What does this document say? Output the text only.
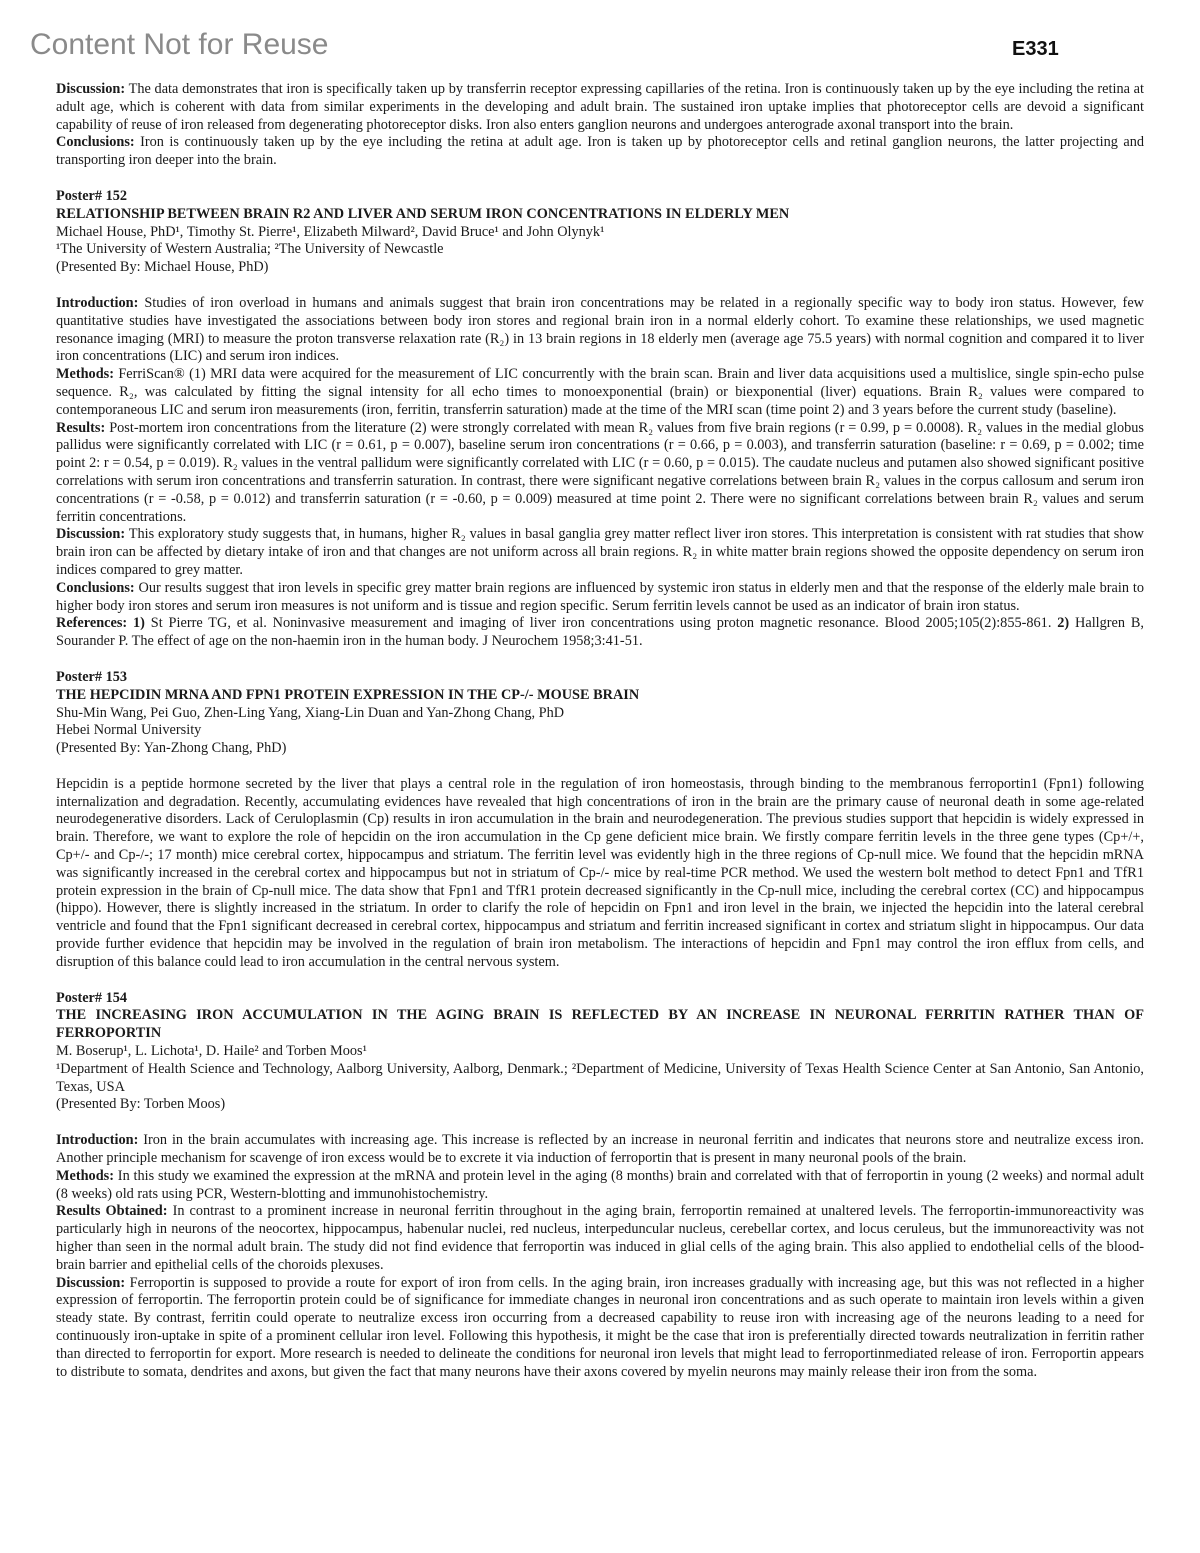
Content Not for Reuse	E331

Discussion: The data demonstrates that iron is specifically taken up by transferrin receptor expressing capillaries of the retina. Iron is continuously taken up by the eye including the retina at adult age, which is coherent with data from similar experiments in the developing and adult brain. The sustained iron uptake implies that photoreceptor cells are devoid a significant capability of reuse of iron released from degenerating photoreceptor disks. Iron also enters ganglion neurons and undergoes anterograde axonal transport into the brain.

Conclusions: Iron is continuously taken up by the eye including the retina at adult age. Iron is taken up by photoreceptor cells and retinal ganglion neurons, the latter projecting and transporting iron deeper into the brain.

Poster# 152

RELATIONSHIP BETWEEN BRAIN R2 AND LIVER AND SERUM IRON CONCENTRATIONS IN ELDERLY MEN

Michael House, PhD¹, Timothy St. Pierre¹, Elizabeth Milward², David Bruce¹ and John Olynyk¹

¹The University of Western Australia; ²The University of Newcastle

(Presented By: Michael House, PhD)

Introduction: Studies of iron overload in humans and animals suggest that brain iron concentrations may be related in a regionally specific way to body iron status. However, few quantitative studies have investigated the associations between body iron stores and regional brain iron in a normal elderly cohort. To examine these relationships, we used magnetic resonance imaging (MRI) to measure the proton transverse relaxation rate (R₂) in 13 brain regions in 18 elderly men (average age 75.5 years) with normal cognition and compared it to liver iron concentrations (LIC) and serum iron indices.

Methods: FerriScan® (1) MRI data were acquired for the measurement of LIC concurrently with the brain scan. Brain and liver data acquisitions used a multislice, single spin-echo pulse sequence. R₂, was calculated by fitting the signal intensity for all echo times to monoexponential (brain) or biexponential (liver) equations. Brain R₂ values were compared to contemporaneous LIC and serum iron measurements (iron, ferritin, transferrin saturation) made at the time of the MRI scan (time point 2) and 3 years before the current study (baseline).

Results: Post-mortem iron concentrations from the literature (2) were strongly correlated with mean R₂ values from five brain regions (r = 0.99, p = 0.0008). R₂ values in the medial globus pallidus were significantly correlated with LIC (r = 0.61, p = 0.007), baseline serum iron concentrations (r = 0.66, p = 0.003), and transferrin saturation (baseline: r = 0.69, p = 0.002; time point 2: r = 0.54, p = 0.019). R₂ values in the ventral pallidum were significantly correlated with LIC (r = 0.60, p = 0.015). The caudate nucleus and putamen also showed significant positive correlations with serum iron concentrations and transferrin saturation. In contrast, there were significant negative correlations between brain R₂ values in the corpus callosum and serum iron concentrations (r = -0.58, p = 0.012) and transferrin saturation (r = -0.60, p = 0.009) measured at time point 2. There were no significant correlations between brain R₂ values and serum ferritin concentrations.

Discussion: This exploratory study suggests that, in humans, higher R₂ values in basal ganglia grey matter reflect liver iron stores. This interpretation is consistent with rat studies that show brain iron can be affected by dietary intake of iron and that changes are not uniform across all brain regions. R₂ in white matter brain regions showed the opposite dependency on serum iron indices compared to grey matter.

Conclusions: Our results suggest that iron levels in specific grey matter brain regions are influenced by systemic iron status in elderly men and that the response of the elderly male brain to higher body iron stores and serum iron measures is not uniform and is tissue and region specific. Serum ferritin levels cannot be used as an indicator of brain iron status.

References: 1) St Pierre TG, et al. Noninvasive measurement and imaging of liver iron concentrations using proton magnetic resonance. Blood 2005;105(2):855-861. 2) Hallgren B, Sourander P. The effect of age on the non-haemin iron in the human body. J Neurochem 1958;3:41-51.

Poster# 153

THE HEPCIDIN MRNA AND FPN1 PROTEIN EXPRESSION IN THE CP-/- MOUSE BRAIN

Shu-Min Wang, Pei Guo, Zhen-Ling Yang, Xiang-Lin Duan and Yan-Zhong Chang, PhD

Hebei Normal University

(Presented By: Yan-Zhong Chang, PhD)

Hepcidin is a peptide hormone secreted by the liver that plays a central role in the regulation of iron homeostasis, through binding to the membranous ferroportin1 (Fpn1) following internalization and degradation. Recently, accumulating evidences have revealed that high concentrations of iron in the brain are the primary cause of neuronal death in some age-related neurodegenerative disorders. Lack of Ceruloplasmin (Cp) results in iron accumulation in the brain and neurodegeneration. The previous studies support that hepcidin is widely expressed in brain. Therefore, we want to explore the role of hepcidin on the iron accumulation in the Cp gene deficient mice brain. We firstly compare ferritin levels in the three gene types (Cp+/+, Cp+/- and Cp-/-; 17 month) mice cerebral cortex, hippocampus and striatum. The ferritin level was evidently high in the three regions of Cp-null mice. We found that the hepcidin mRNA was significantly increased in the cerebral cortex and hippocampus but not in striatum of Cp-/- mice by real-time PCR method. We used the western bolt method to detect Fpn1 and TfR1 protein expression in the brain of Cp-null mice. The data show that Fpn1 and TfR1 protein decreased significantly in the Cp-null mice, including the cerebral cortex (CC) and hippocampus (hippo). However, there is slightly increased in the striatum. In order to clarify the role of hepcidin on Fpn1 and iron level in the brain, we injected the hepcidin into the lateral cerebral ventricle and found that the Fpn1 significant decreased in cerebral cortex, hippocampus and striatum and ferritin increased significant in cortex and striatum slight in hippocampus. Our data provide further evidence that hepcidin may be involved in the regulation of brain iron metabolism. The interactions of hepcidin and Fpn1 may control the iron efflux from cells, and disruption of this balance could lead to iron accumulation in the central nervous system.

Poster# 154

THE INCREASING IRON ACCUMULATION IN THE AGING BRAIN IS REFLECTED BY AN INCREASE IN NEURONAL FERRITIN RATHER THAN OF FERROPORTIN

M. Boserup¹, L. Lichota¹, D. Haile² and Torben Moos¹

¹Department of Health Science and Technology, Aalborg University, Aalborg, Denmark.; ²Department of Medicine, University of Texas Health Science Center at San Antonio, San Antonio, Texas, USA

(Presented By: Torben Moos)

Introduction: Iron in the brain accumulates with increasing age. This increase is reflected by an increase in neuronal ferritin and indicates that neurons store and neutralize excess iron. Another principle mechanism for scavenge of iron excess would be to excrete it via induction of ferroportin that is present in many neuronal pools of the brain.

Methods: In this study we examined the expression at the mRNA and protein level in the aging (8 months) brain and correlated with that of ferroportin in young (2 weeks) and normal adult (8 weeks) old rats using PCR, Western-blotting and immunohistochemistry.

Results Obtained: In contrast to a prominent increase in neuronal ferritin throughout in the aging brain, ferroportin remained at unaltered levels. The ferroportin-immunoreactivity was particularly high in neurons of the neocortex, hippocampus, habenular nuclei, red nucleus, interpeduncular nucleus, cerebellar cortex, and locus ceruleus, but the immunoreactivity was not higher than seen in the normal adult brain. The study did not find evidence that ferroportin was induced in glial cells of the aging brain. This also applied to endothelial cells of the blood-brain barrier and epithelial cells of the choroids plexuses.

Discussion: Ferroportin is supposed to provide a route for export of iron from cells. In the aging brain, iron increases gradually with increasing age, but this was not reflected in a higher expression of ferroportin. The ferroportin protein could be of significance for immediate changes in neuronal iron concentrations and as such operate to maintain iron levels within a given steady state. By contrast, ferritin could operate to neutralize excess iron occurring from a decreased capability to reuse iron with increasing age of the neurons leading to a need for continuously iron-uptake in spite of a prominent cellular iron level. Following this hypothesis, it might be the case that iron is preferentially directed towards neutralization in ferritin rather than directed to ferroportin for export. More research is needed to delineate the conditions for neuronal iron levels that might lead to ferroportinmediated release of iron. Ferroportin appears to distribute to somata, dendrites and axons, but given the fact that many neurons have their axons covered by myelin neurons may mainly release their iron from the soma.
